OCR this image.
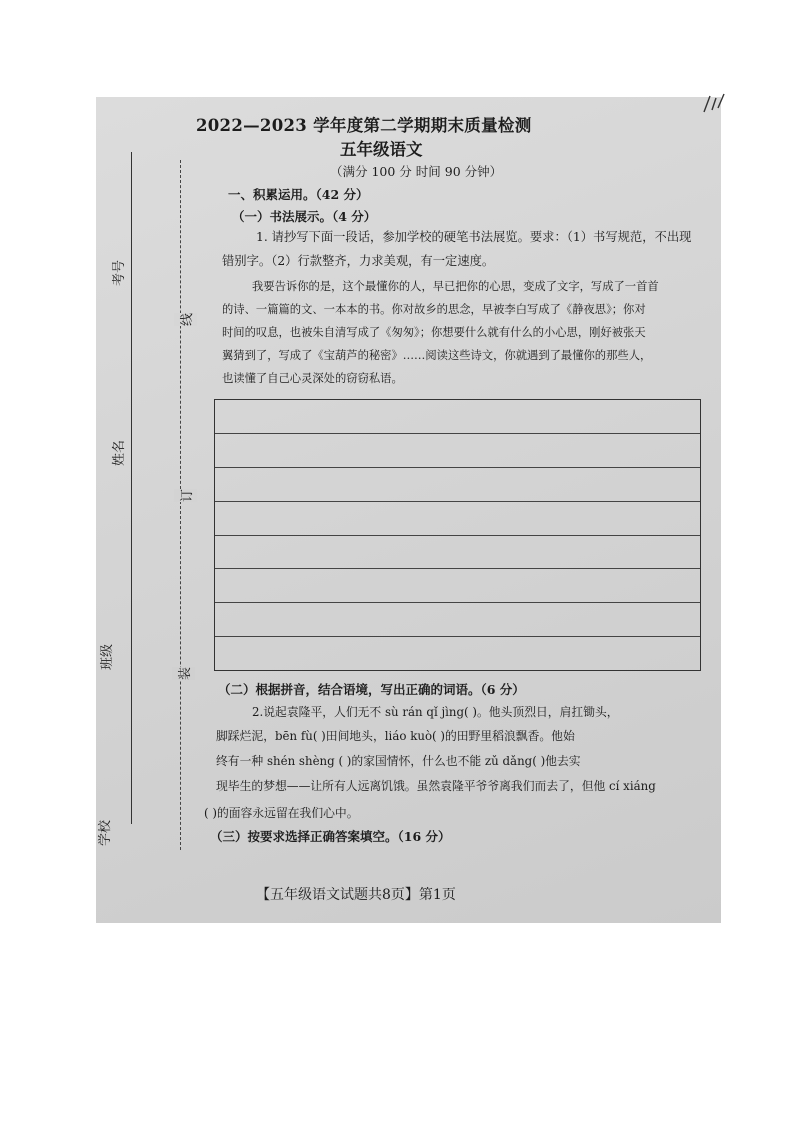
2022—2023 学年度第二学期期末质量检测
五年级语文
（满分 100 分 时间 90 分钟）
考号
姓名
班级
学校
线
订
装
一、积累运用。（42 分）
（一）书法展示。（4 分）
1. 请抄写下面一段话，参加学校的硬笔书法展览。要求：（1）书写规范，不出现
错别字。（2）行款整齐，力求美观，有一定速度。
我要告诉你的是，这个最懂你的人，早已把你的心思，变成了文字，写成了一首首
的诗、一篇篇的文、一本本的书。你对故乡的思念，早被李白写成了《静夜思》；你对
时间的叹息，也被朱自清写成了《匆匆》；你想要什么就有什么的小心思，刚好被张天
翼猜到了，写成了《宝葫芦的秘密》……阅读这些诗文，你就遇到了最懂你的那些人，
也读懂了自己心灵深处的窃窃私语。
（二）根据拼音，结合语境，写出正确的词语。（6 分）
2.说起袁隆平，人们无不 sù rán qǐ jìng( )。他头顶烈日，肩扛锄头，
脚踩烂泥，bēn fù( )田间地头，liáo kuò( )的田野里稻浪飘香。他始
终有一种 shén shèng ( )的家国情怀，什么也不能 zǔ dǎng( )他去实
现毕生的梦想——让所有人远离饥饿。虽然袁隆平爷爷离我们而去了，但他 cí xiáng
( )的面容永远留在我们心中。
（三）按要求选择正确答案填空。（16 分）
【五年级语文试题共8页】第1页
